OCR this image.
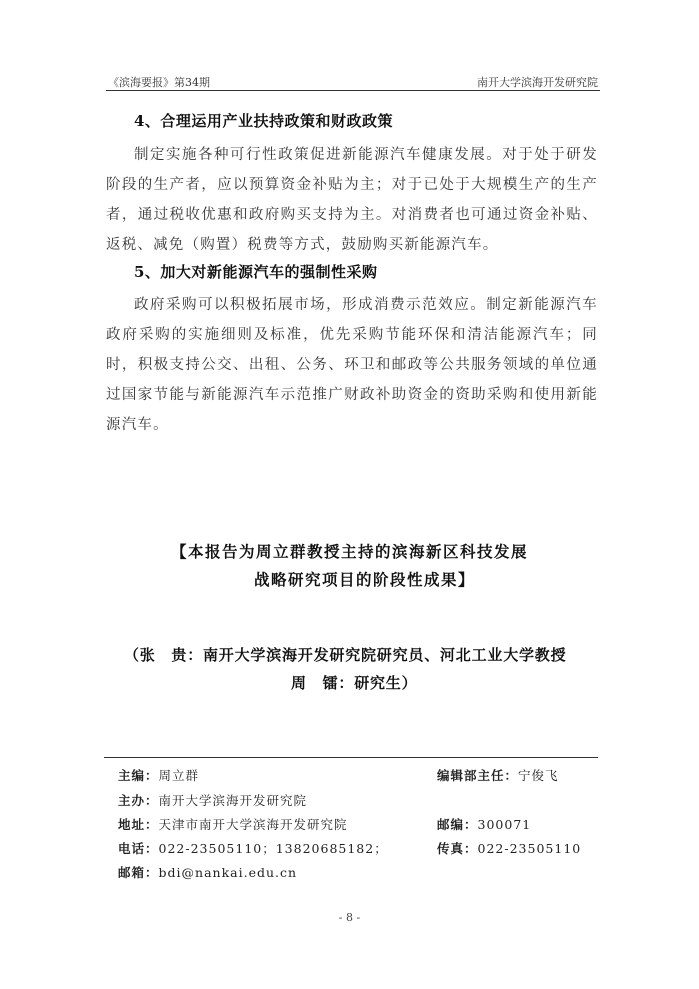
《滨海要报》第34期	南开大学滨海开发研究院
4、合理运用产业扶持政策和财政政策

制定实施各种可行性政策促进新能源汽车健康发展。对于处于研发阶段的生产者，应以预算资金补贴为主；对于已处于大规模生产的生产者，通过税收优惠和政府购买支持为主。对消费者也可通过资金补贴、返税、减免（购置）税费等方式，鼓励购买新能源汽车。

5、加大对新能源汽车的强制性采购

政府采购可以积极拓展市场，形成消费示范效应。制定新能源汽车政府采购的实施细则及标准，优先采购节能环保和清洁能源汽车；同时，积极支持公交、出租、公务、环卫和邮政等公共服务领域的单位通过国家节能与新能源汽车示范推广财政补助资金的资助采购和使用新能源汽车。

【本报告为周立群教授主持的滨海新区科技发展
战略研究项目的阶段性成果】
（张　贵：南开大学滨海开发研究院研究员、河北工业大学教授
周　镭：研究生）
主编：周立群	编辑部主任：宁俊飞
主办：南开大学滨海开发研究院
地址：天津市南开大学滨海开发研究院	邮编：300071
电话：022-23505110；13820685182；	传真：022-23505110
邮箱：bdi@nankai.edu.cn
- 8 -
